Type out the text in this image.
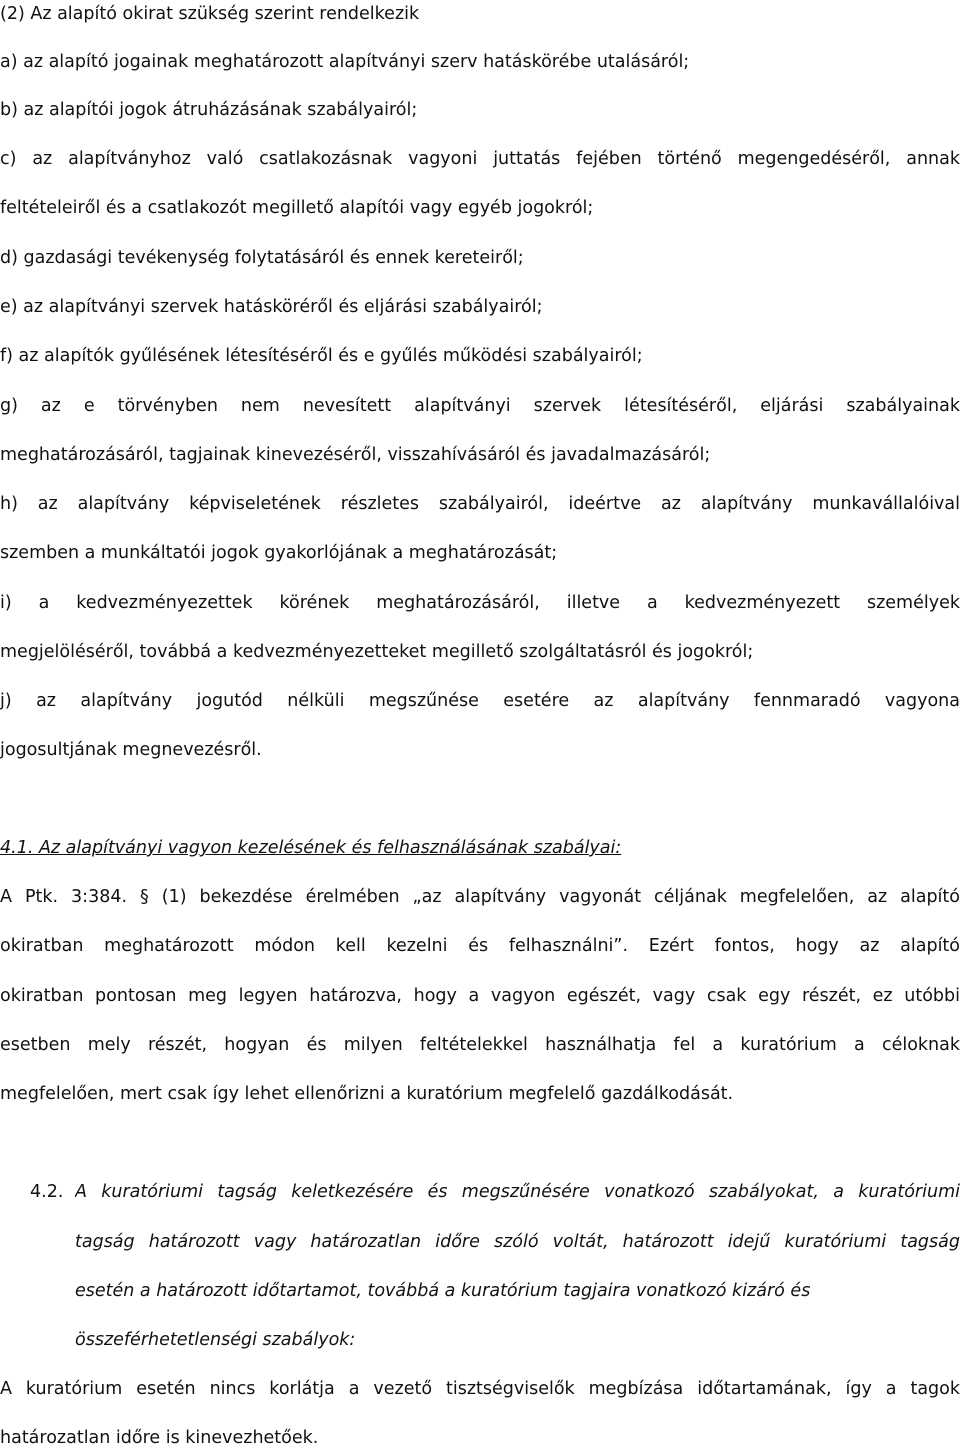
(2) Az alapító okirat szükség szerint rendelkezik
a) az alapító jogainak meghatározott alapítványi szerv hatáskörébe utalásáról;
b) az alapítói jogok átruházásának szabályairól;
c) az alapítványhoz való csatlakozásnak vagyoni juttatás fejében történő megengedéséről, annak
feltételeiről és a csatlakozót megillető alapítói vagy egyéb jogokról;
d) gazdasági tevékenység folytatásáról és ennek kereteiről;
e) az alapítványi szervek hatásköréről és eljárási szabályairól;
f) az alapítók gyűlésének létesítéséről és e gyűlés működési szabályairól;
g) az e törvényben nem nevesített alapítványi szervek létesítéséről, eljárási szabályainak
meghatározásáról, tagjainak kinevezéséről, visszahívásáról és javadalmazásáról;
h) az alapítvány képviseletének részletes szabályairól, ideértve az alapítvány munkavállalóival
szemben a munkáltatói jogok gyakorlójának a meghatározását;
i) a kedvezményezettek körének meghatározásáról, illetve a kedvezményezett személyek
megjelöléséről, továbbá a kedvezményezetteket megillető szolgáltatásról és jogokról;
j) az alapítvány jogutód nélküli megszűnése esetére az alapítvány fennmaradó vagyona
jogosultjának megnevezésről.
4.1. Az alapítványi vagyon kezelésének és felhasználásának szabályai:
A Ptk. 3:384. § (1) bekezdése érelmében „az alapítvány vagyonát céljának megfelelően, az alapító
okiratban meghatározott módon kell kezelni és felhasználni”. Ezért fontos, hogy az alapító
okiratban pontosan meg legyen határozva, hogy a vagyon egészét, vagy csak egy részét, ez utóbbi
esetben mely részét, hogyan és milyen feltételekkel használhatja fel a kuratórium a céloknak
megfelelően, mert csak így lehet ellenőrizni a kuratórium megfelelő gazdálkodását.
4.2. A kuratóriumi tagság keletkezésére és megszűnésére vonatkozó szabályokat, a kuratóriumi
tagság határozott vagy határozatlan időre szóló voltát, határozott idejű kuratóriumi tagság
esetén a határozott időtartamot, továbbá a kuratórium tagjaira vonatkozó kizáró és
összeférhetetlenségi szabályok:
A kuratórium esetén nincs korlátja a vezető tisztségviselők megbízása időtartamának, így a tagok
határozatlan időre is kinevezhetőek.
